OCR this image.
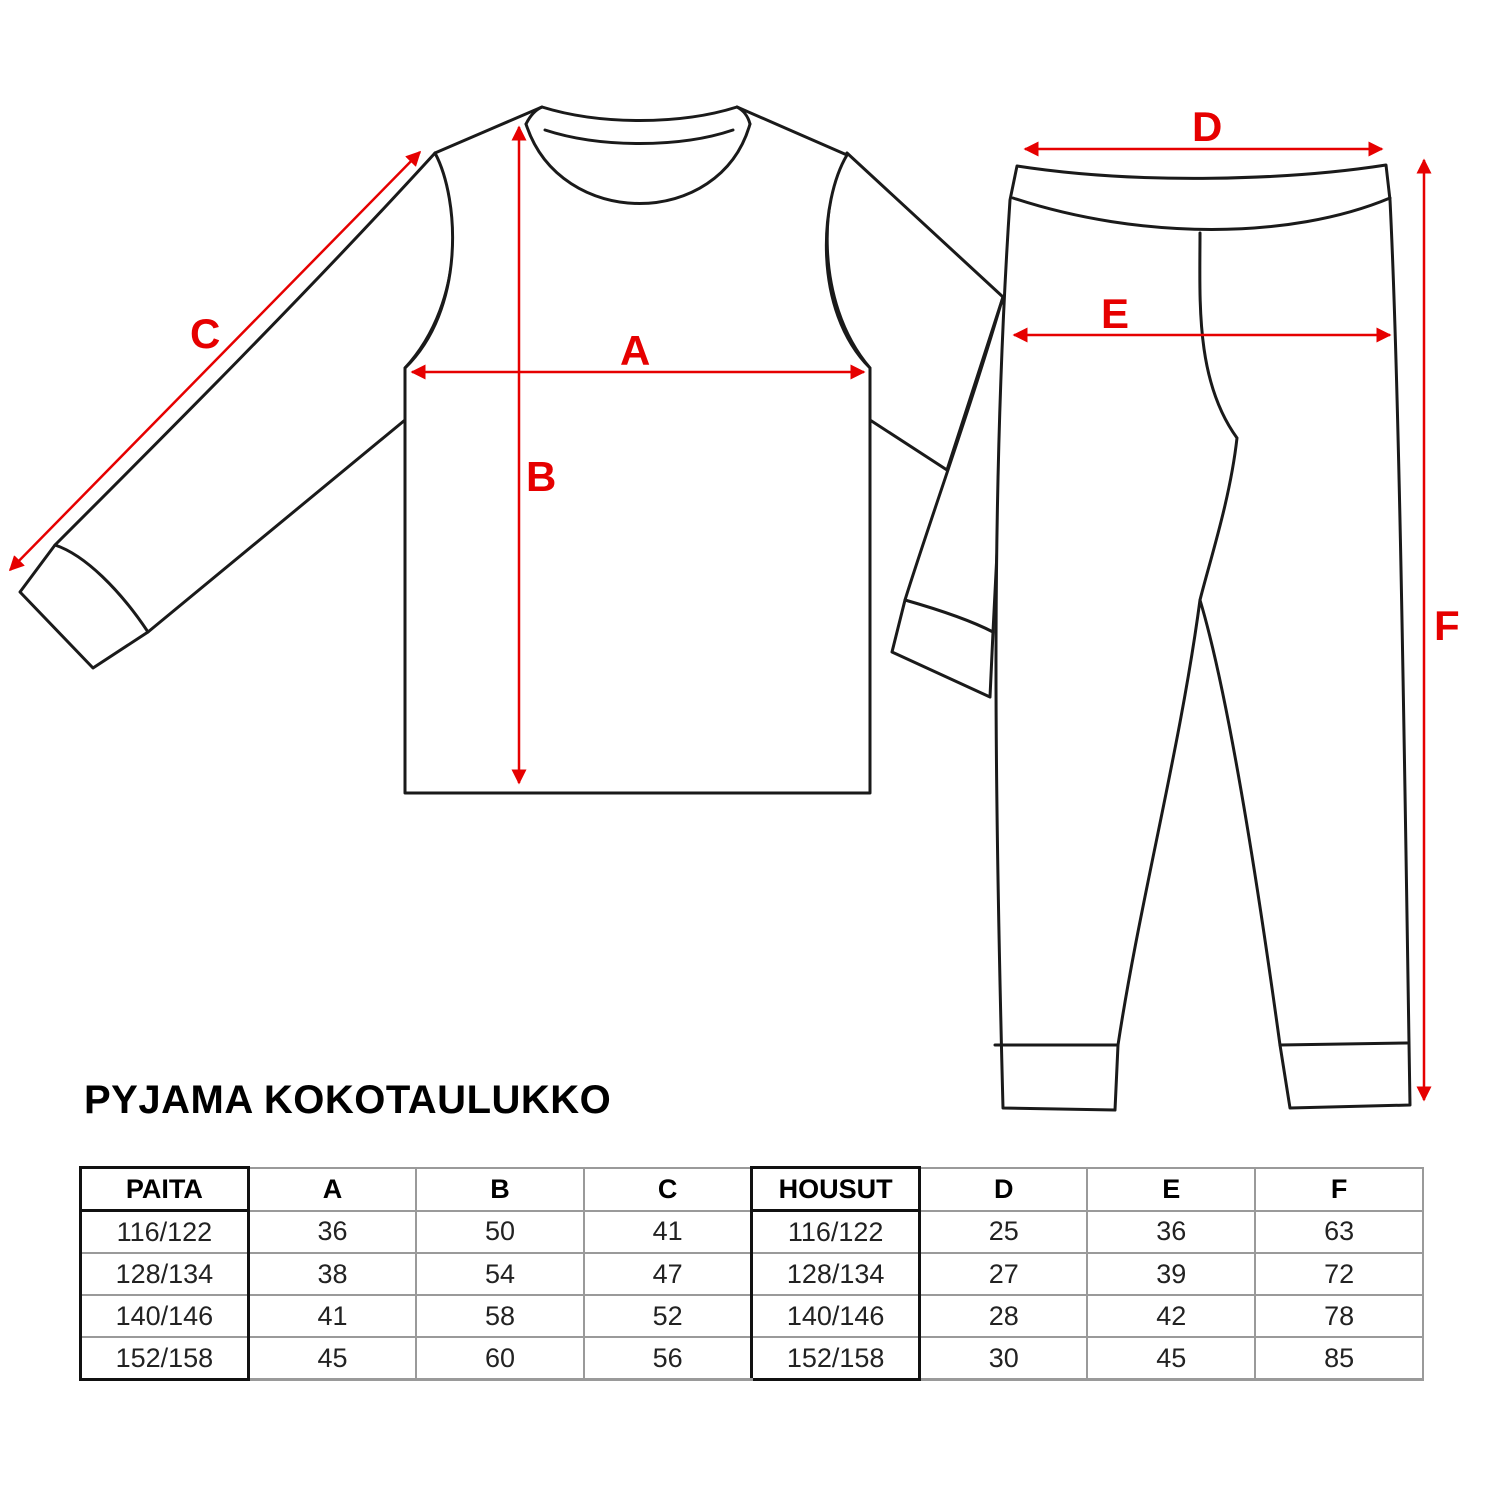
A
B
C
D
E
F
PYJAMA KOKOTAULUKKO
PAITA	A	B	C	HOUSUT	D	E	F
116/122	36	50	41	116/122	25	36	63
128/134	38	54	47	128/134	27	39	72
140/146	41	58	52	140/146	28	42	78
152/158	45	60	56	152/158	30	45	85
